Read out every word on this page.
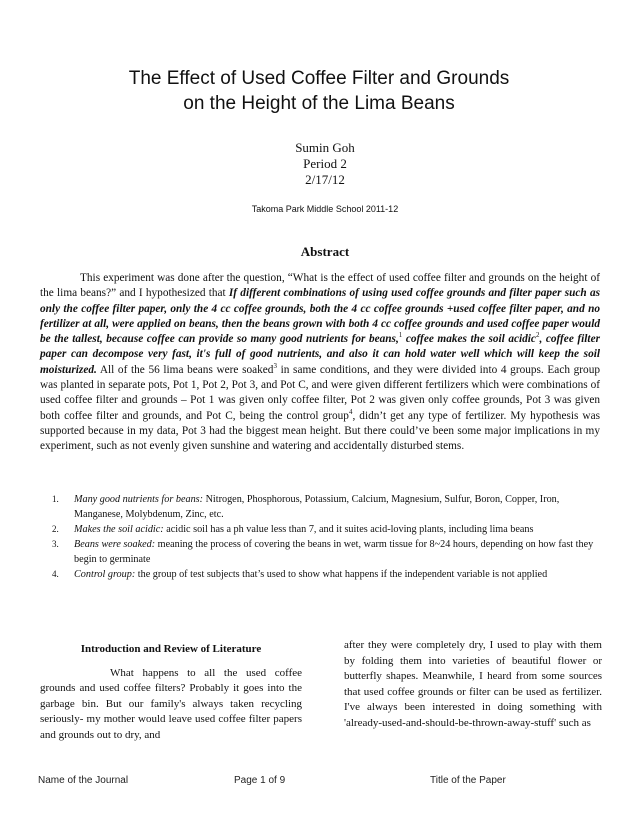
The Effect of Used Coffee Filter and Grounds
on the Height of the Lima Beans
Sumin Goh
Period 2
2/17/12
Takoma Park Middle School 2011-12
Abstract

This experiment was done after the question, “What is the effect of used coffee filter and grounds on the height of the lima beans?” and I hypothesized that If different combinations of using used coffee grounds and filter paper such as only the coffee filter paper, only the 4 cc coffee grounds, both the 4 cc coffee grounds +used coffee filter paper, and no fertilizer at all, were applied on beans, then the beans grown with both 4 cc coffee grounds and used coffee paper would be the tallest, because coffee can provide so many good nutrients for beans,$^1$ coffee makes the soil acidic$^2$, coffee filter paper can decompose very fast, it's full of good nutrients, and also it can hold water well which will keep the soil moisturized. All of the 56 lima beans were soaked$^3$ in same conditions, and they were divided into 4 groups. Each group was planted in separate pots, Pot 1, Pot 2, Pot 3, and Pot C, and were given different fertilizers which were combinations of used coffee filter and grounds – Pot 1 was given only coffee filter, Pot 2 was given only coffee grounds, Pot 3 was given both coffee filter and grounds, and Pot C, being the control group$^4$, didn’t get any type of fertilizer. My hypothesis was supported because in my data, Pot 3 had the biggest mean height. But there could’ve been some major implications in my experiment, such as not evenly given sunshine and watering and accidentally disturbed stems.

1. Many good nutrients for beans: Nitrogen, Phosphorous, Potassium, Calcium, Magnesium, Sulfur, Boron, Copper, Iron, Manganese, Molybdenum, Zinc, etc.
2. Makes the soil acidic: acidic soil has a ph value less than 7, and it suites acid-loving plants, including lima beans
3. Beans were soaked: meaning the process of covering the beans in wet, warm tissue for 8~24 hours, depending on how fast they begin to germinate
4. Control group: the group of test subjects that’s used to show what happens if the independent variable is not applied
Introduction and Review of Literature
What happens to all the used coffee grounds and used coffee filters? Probably it goes into the garbage bin. But our family's always taken recycling seriously- my mother would leave used coffee filter papers and grounds out to dry, and
after they were completely dry, I used to play with them by folding them into varieties of beautiful flower or butterfly shapes. Meanwhile, I heard from some sources that used coffee grounds or filter can be used as fertilizer. I've always been interested in doing something with 'already-used-and-should-be-thrown-away-stuff' such as
Name of the Journal	Page 1 of 9	Title of the Paper
